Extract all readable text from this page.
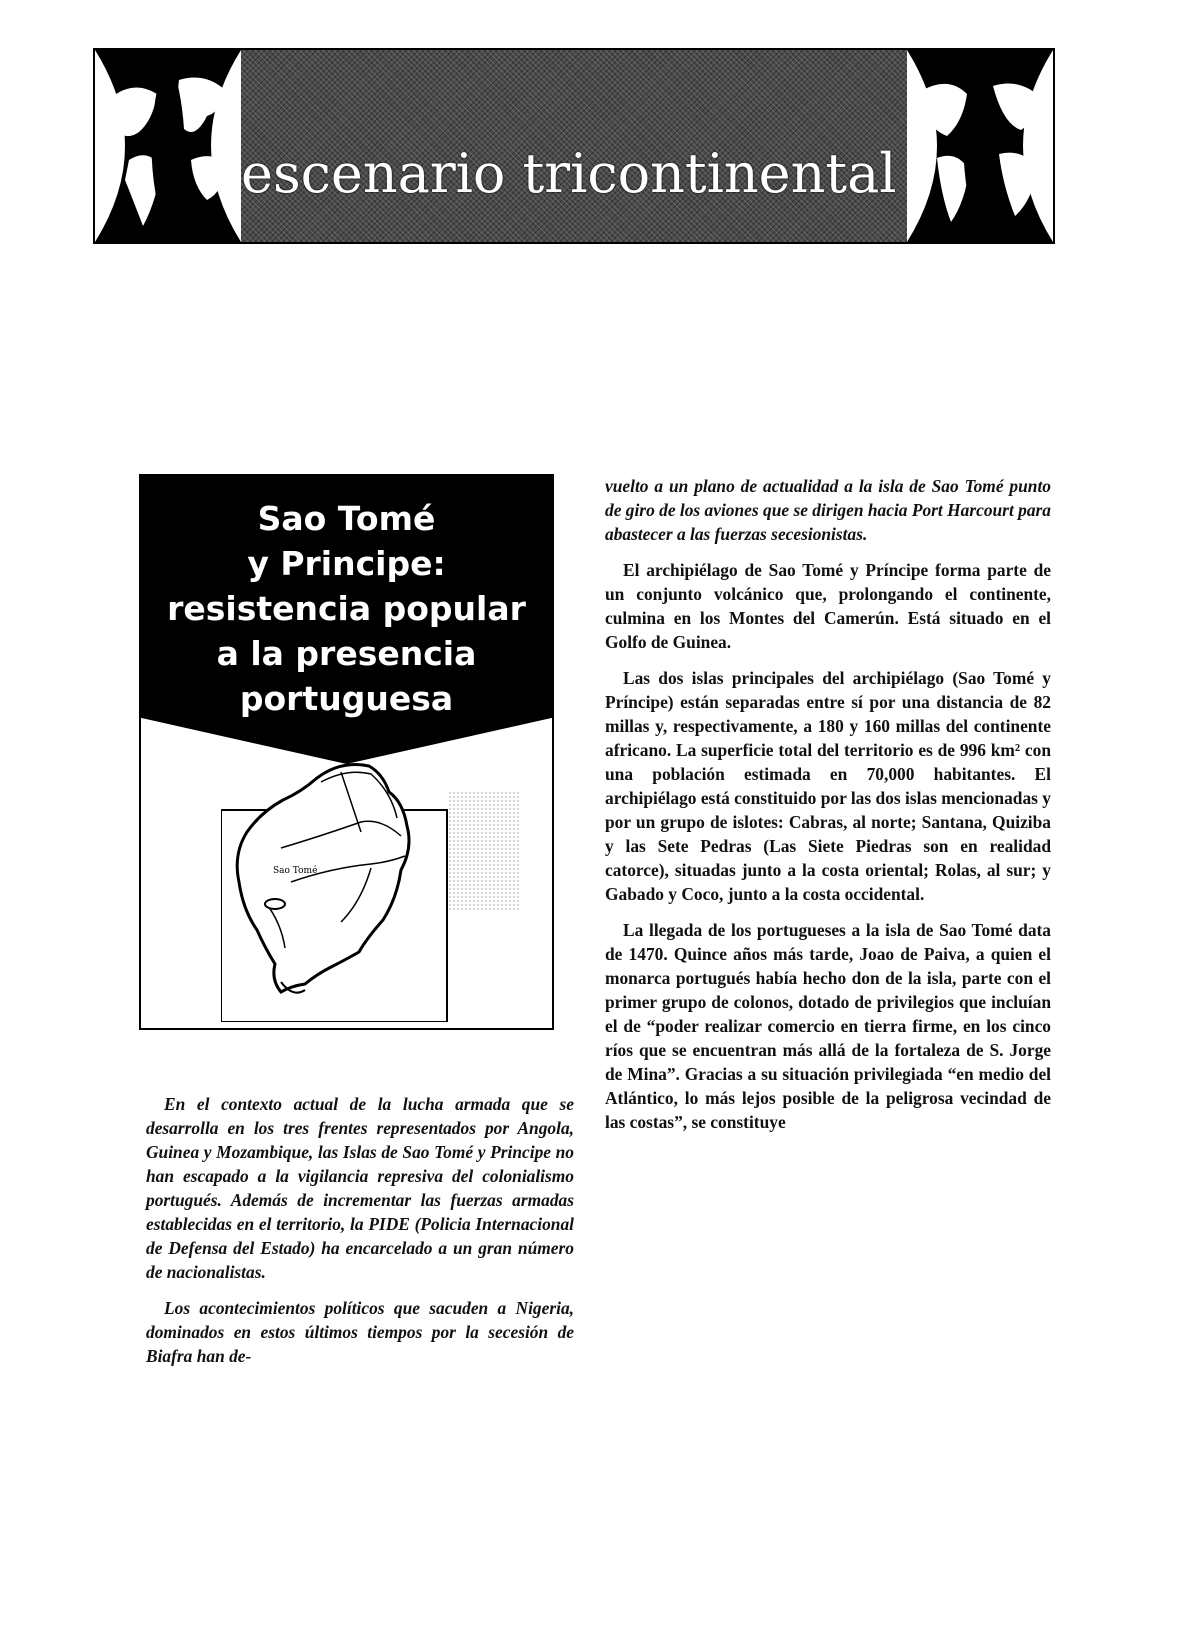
escenario tricontinental
Sao Tomé
y Principe:
resistencia popular
a la presencia
portuguesa
Sao Tomé

En el contexto actual de la lucha armada que se desarrolla en los tres frentes representados por Angola, Guinea y Mozambique, las Islas de Sao Tomé y Principe no han escapado a la vigilancia represiva del colonialismo portugués. Además de incrementar las fuerzas armadas establecidas en el territorio, la PIDE (Policia Internacional de Defensa del Estado) ha encarcelado a un gran número de nacionalistas.

Los acontecimientos políticos que sacuden a Nigeria, dominados en estos últimos tiempos por la secesión de Biafra han de-

vuelto a un plano de actualidad a la isla de Sao Tomé punto de giro de los aviones que se dirigen hacia Port Harcourt para abastecer a las fuerzas secesionistas.

El archipiélago de Sao Tomé y Príncipe forma parte de un conjunto volcánico que, prolongando el continente, culmina en los Montes del Camerún. Está situado en el Golfo de Guinea.

Las dos islas principales del archipiélago (Sao Tomé y Príncipe) están separadas entre sí por una distancia de 82 millas y, respectivamente, a 180 y 160 millas del continente africano. La superficie total del territorio es de 996 km² con una población estimada en 70,000 habitantes. El archipiélago está constituido por las dos islas mencionadas y por un grupo de islotes: Cabras, al norte; Santana, Quiziba y las Sete Pedras (Las Siete Piedras son en realidad catorce), situadas junto a la costa oriental; Rolas, al sur; y Gabado y Coco, junto a la costa occidental.

La llegada de los portugueses a la isla de Sao Tomé data de 1470. Quince años más tarde, Joao de Paiva, a quien el monarca portugués había hecho don de la isla, parte con el primer grupo de colonos, dotado de privilegios que incluían el de “poder realizar comercio en tierra firme, en los cinco ríos que se encuentran más allá de la fortaleza de S. Jorge de Mina”. Gracias a su situación privilegiada “en medio del Atlántico, lo más lejos posible de la peligrosa vecindad de las costas”, se constituye
